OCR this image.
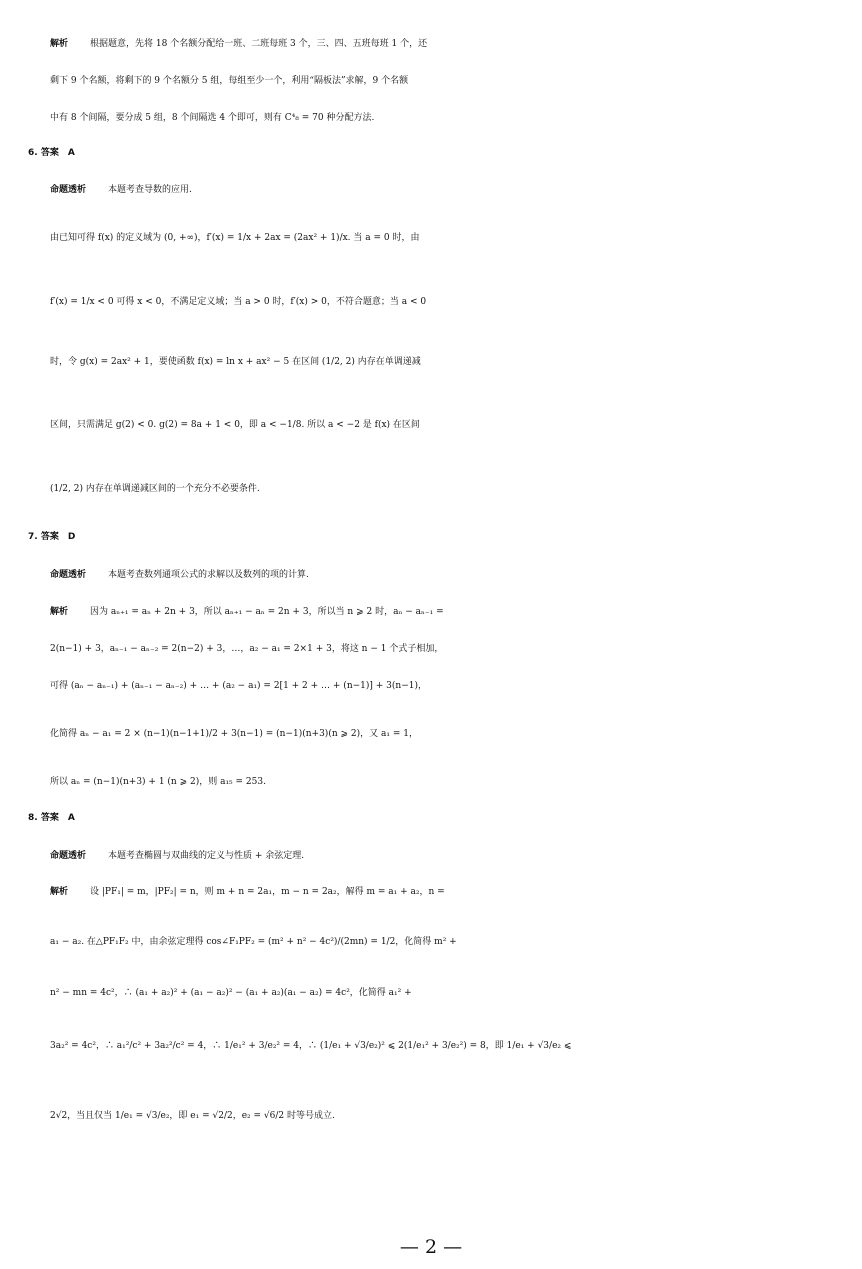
解析 根据题意，先将 18 个名额分配给一班、二班每班 3 个，三、四、五班每班 1 个，还
剩下 9 个名额，将剩下的 9 个名额分 5 组，每组至少一个，利用“隔板法”求解，9 个名额
中有 8 个间隔，要分成 5 组，8 个间隔选 4 个即可，则有 C⁴₈ = 70 种分配方法.
6. 答案　A
命题透析 本题考查导数的应用.
由已知可得 f(x) 的定义域为 (0, +∞)，f′(x) = 1/x + 2ax = (2ax² + 1)/x. 当 a = 0 时，由
f′(x) = 1/x < 0 可得 x < 0，不满足定义域；当 a > 0 时，f′(x) > 0，不符合题意；当 a < 0
时，令 g(x) = 2ax² + 1，要使函数 f(x) = ln x + ax² − 5 在区间 (1/2, 2) 内存在单调递减
区间，只需满足 g(2) < 0. g(2) = 8a + 1 < 0，即 a < −1/8. 所以 a < −2 是 f(x) 在区间
(1/2, 2) 内存在单调递减区间的一个充分不必要条件.
7. 答案　D
命题透析 本题考查数列通项公式的求解以及数列的项的计算.
解析 因为 aₙ₊₁ = aₙ + 2n + 3，所以 aₙ₊₁ − aₙ = 2n + 3，所以当 n ⩾ 2 时，aₙ − aₙ₋₁ =
2(n−1) + 3，aₙ₋₁ − aₙ₋₂ = 2(n−2) + 3，…，a₂ − a₁ = 2×1 + 3，将这 n − 1 个式子相加，
可得 (aₙ − aₙ₋₁) + (aₙ₋₁ − aₙ₋₂) + … + (a₂ − a₁) = 2[1 + 2 + … + (n−1)] + 3(n−1)，
化简得 aₙ − a₁ = 2 × (n−1)(n−1+1)/2 + 3(n−1) = (n−1)(n+3)(n ⩾ 2)，又 a₁ = 1，
所以 aₙ = (n−1)(n+3) + 1 (n ⩾ 2)，则 a₁₅ = 253.
8. 答案　A
命题透析 本题考查椭圆与双曲线的定义与性质 + 余弦定理.
解析 设 |PF₁| = m，|PF₂| = n，则 m + n = 2a₁，m − n = 2a₂，解得 m = a₁ + a₂，n =
a₁ − a₂. 在△PF₁F₂ 中，由余弦定理得 cos∠F₁PF₂ = (m² + n² − 4c²)/(2mn) = 1/2，化简得 m² +
n² − mn = 4c²，∴ (a₁ + a₂)² + (a₁ − a₂)² − (a₁ + a₂)(a₁ − a₂) = 4c²，化简得 a₁² +
3a₂² = 4c²，∴ a₁²/c² + 3a₂²/c² = 4，∴ 1/e₁² + 3/e₂² = 4，∴ (1/e₁ + √3/e₂)² ⩽ 2(1/e₁² + 3/e₂²) = 8，即 1/e₁ + √3/e₂ ⩽
2√2，当且仅当 1/e₁ = √3/e₂，即 e₁ = √2/2，e₂ = √6/2 时等号成立.
— 2 —
